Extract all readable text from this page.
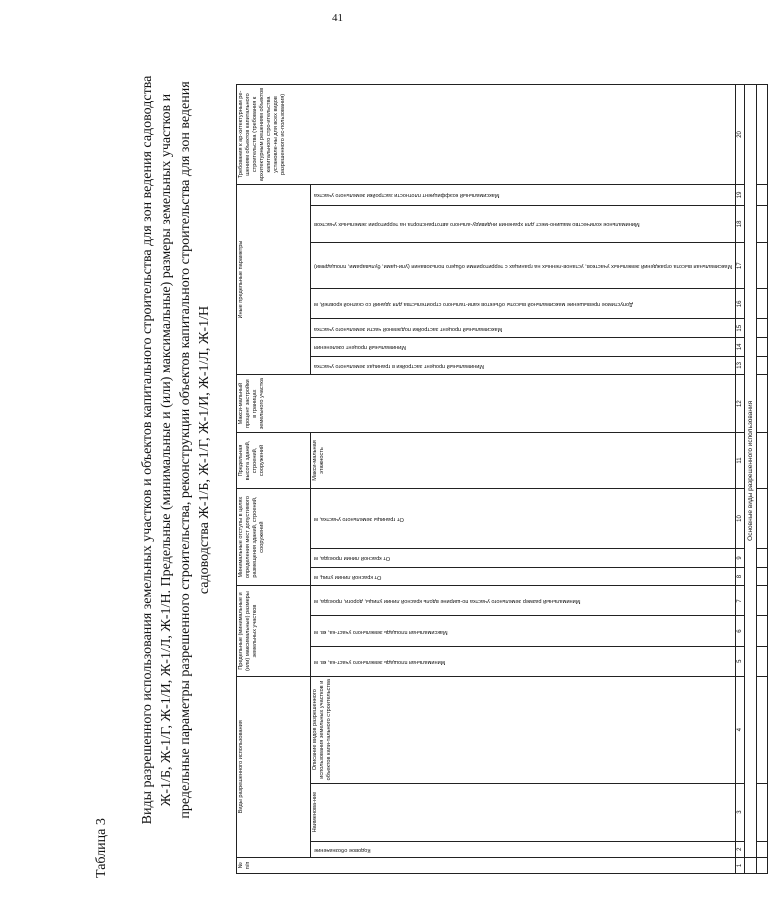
41
Таблица 3
Виды разрешенного использования земельных участков и объектов капитального строительства для зон ведения садоводства Ж-1/Б, Ж-1/Г, Ж-1/И, Ж-1/Л, Ж-1/Н. Предельные (минимальные и (или) максимальные) размеры земельных участков и предельные параметры разрешенного строительства, реконструкции объектов капитального строительства для зон ведения садоводства Ж-1/Б, Ж-1/Г, Ж-1/И, Ж-1/Л, Ж-1/Н
№ п/п	Виды разрешенного использования			Предельные (минимальные и (или) максимальные) размеры земельных участков			Минимальные отступы в целях определения мест допустимого размещения зданий, строений, сооружений			Предельная высота зданий, строений, сооружений	Макси-мальный процент застройки в границах земельного участка	Иные предельные параметры							Требования к ар-хитектурным ре-шениям объектов капитального строительства (требования к архитектурным решениям объектов капитального стро-ительства установле-ны для всех видов разрешенного ис-пользования)

	Кодовое обозначение	Наименова-ние	Описание видов разрешенного использования земельных участков и объектов капи-тального строительства	Минимальная площадь земельного участ-ка, кв. м	Максимальная площадь земельного участ-ка, кв. м	Минимальный размер земельного участка по-ширине вдоль красной линии улицы, дороги, проезда, м	От красной линии улиц, м	От красной линии проезда, м	От границы земельного участка, м	Макси-мальная этажность		Минимальный процент застройки в границах земельного участка	Минимальный процент озеленения	Максимальный процент застройки подземной части земельного участка	Допустимое превышение максимальной высоты объектов капи-тального строительства для зданий со скатной кровлей, м	Максимальная высота ограждений земельных участков, установ-ленных на границах с территориями общего пользования (ули-цами, бульварами, площадями)	Минимальное количество машино-мест для хранения индивиду-ального автотранспорта на территории земельных участков	Максимальный коэффициент плотности застройки земельного участка	

1	2	3	4	5	6	7	8	9	10	11	12	13	14	15	16	17	18	19	20
	Основные виды разрешенного использования																		
